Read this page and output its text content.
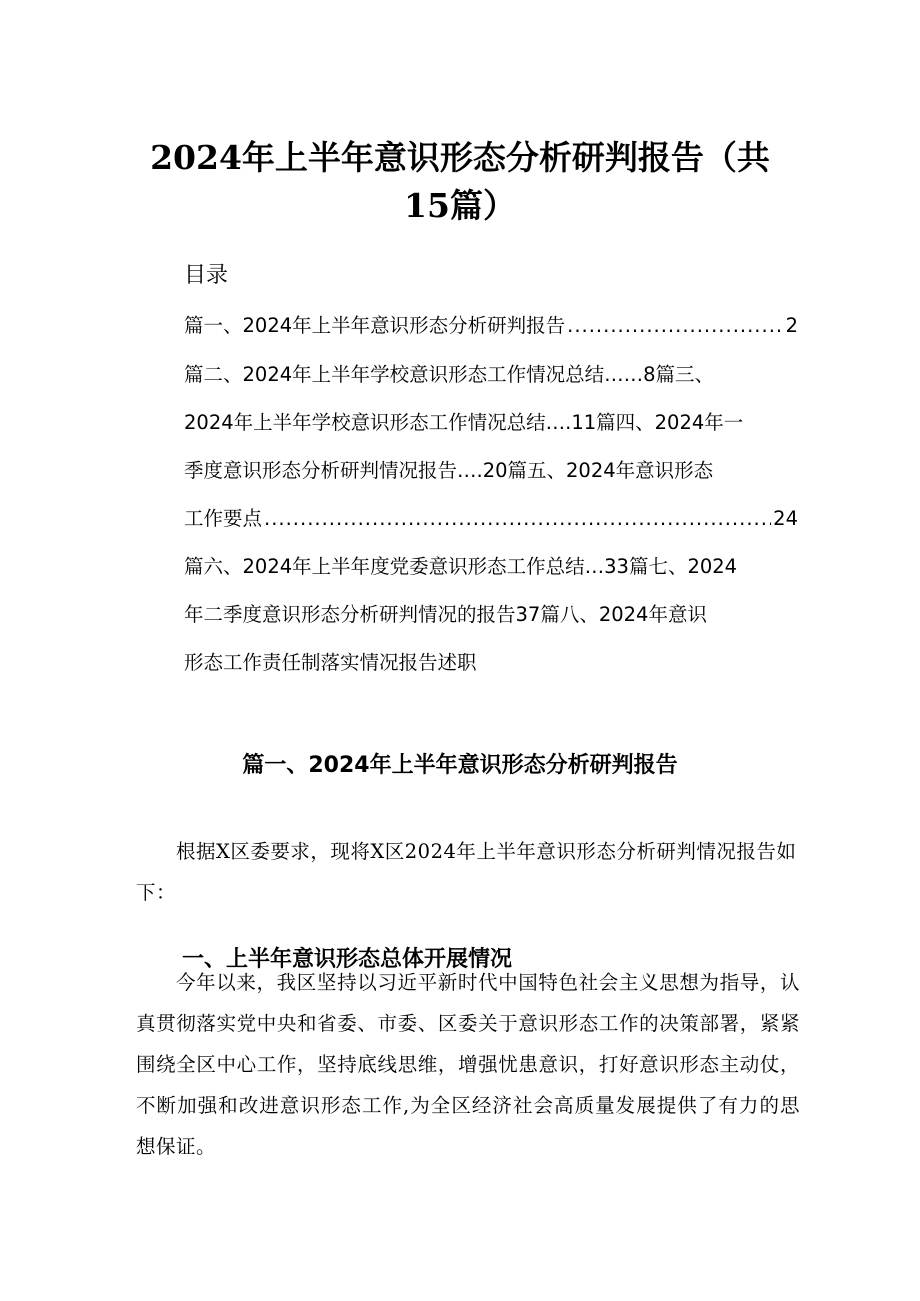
2024年上半年意识形态分析研判报告（共
15篇）
目录
篇一、2024年上半年意识形态分析研判报告 .....	2
篇二、2024年上半年学校意识形态工作情况总结……8篇三、
2024年上半年学校意识形态工作情况总结….11篇四、2024年一
季度意识形态分析研判情况报告….20篇五、2024年意识形态
工作要点 .....	24
篇六、2024年上半年度党委意识形态工作总结…33篇七、2024
年二季度意识形态分析研判情况的报告37篇八、2024年意识
形态工作责任制落实情况报告述职
篇一、2024年上半年意识形态分析研判报告

根据X区委要求，现将X区2024年上半年意识形态分析研判情况报告如下：

一、上半年意识形态总体开展情况

今年以来，我区坚持以习近平新时代中国特色社会主义思想为指导，认真贯彻落实党中央和省委、市委、区委关于意识形态工作的决策部署，紧紧围绕全区中心工作，坚持底线思维，增强忧患意识，打好意识形态主动仗，不断加强和改进意识形态工作,为全区经济社会高质量发展提供了有力的思想保证。
